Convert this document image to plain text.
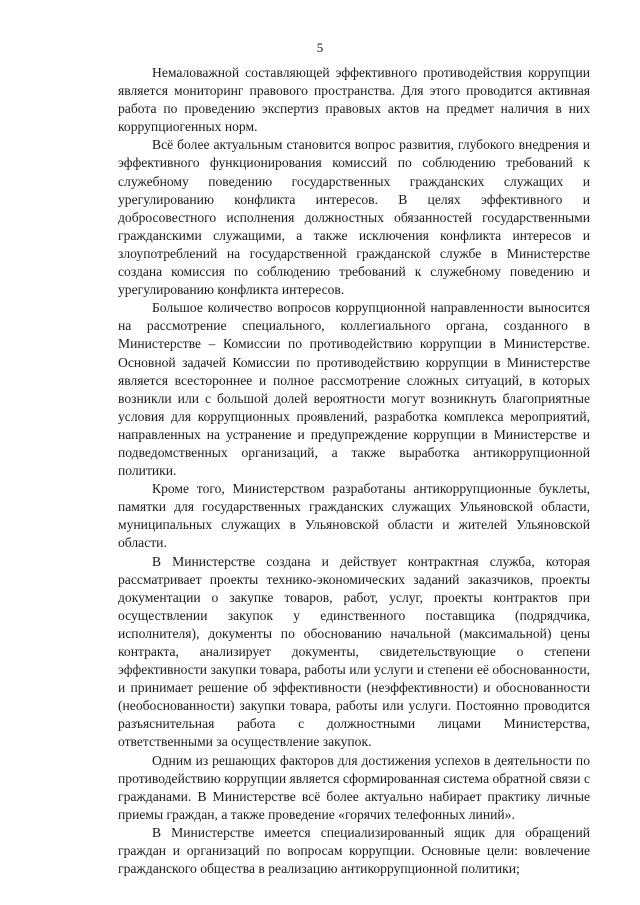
5

Немаловажной составляющей эффективного противодействия коррупции является мониторинг правового пространства. Для этого проводится активная работа по проведению экспертиз правовых актов на предмет наличия в них коррупциогенных норм.

Всё более актуальным становится вопрос развития, глубокого внедрения и эффективного функционирования комиссий по соблюдению требований к служебному поведению государственных гражданских служащих и урегулированию конфликта интересов. В целях эффективного и добросовестного исполнения должностных обязанностей государственными гражданскими служащими, а также исключения конфликта интересов и злоупотреблений на государственной гражданской службе в Министерстве создана комиссия по соблюдению требований к служебному поведению и урегулированию конфликта интересов.

Большое количество вопросов коррупционной направленности выносится на рассмотрение специального, коллегиального органа, созданного в Министерстве – Комиссии по противодействию коррупции в Министерстве. Основной задачей Комиссии по противодействию коррупции в Министерстве является всестороннее и полное рассмотрение сложных ситуаций, в которых возникли или с большой долей вероятности могут возникнуть благоприятные условия для коррупционных проявлений, разработка комплекса мероприятий, направленных на устранение и предупреждение коррупции в Министерстве и подведомственных организаций, а также выработка антикоррупционной политики.

Кроме того, Министерством разработаны антикоррупционные буклеты, памятки для государственных гражданских служащих Ульяновской области, муниципальных служащих в Ульяновской области и жителей Ульяновской области.

В Министерстве создана и действует контрактная служба, которая рассматривает проекты технико-экономических заданий заказчиков, проекты документации о закупке товаров, работ, услуг, проекты контрактов при осуществлении закупок у единственного поставщика (подрядчика, исполнителя), документы по обоснованию начальной (максимальной) цены контракта, анализирует документы, свидетельствующие о степени эффективности закупки товара, работы или услуги и степени её обоснованности, и принимает решение об эффективности (неэффективности) и обоснованности (необоснованности) закупки товара, работы или услуги. Постоянно проводится разъяснительная работа с должностными лицами Министерства, ответственными за осуществление закупок.

Одним из решающих факторов для достижения успехов в деятельности по противодействию коррупции является сформированная система обратной связи с гражданами. В Министерстве всё более актуально набирает практику личные приемы граждан, а также проведение «горячих телефонных линий».

В Министерстве имеется специализированный ящик для обращений граждан и организаций по вопросам коррупции. Основные цели: вовлечение гражданского общества в реализацию антикоррупционной политики;
